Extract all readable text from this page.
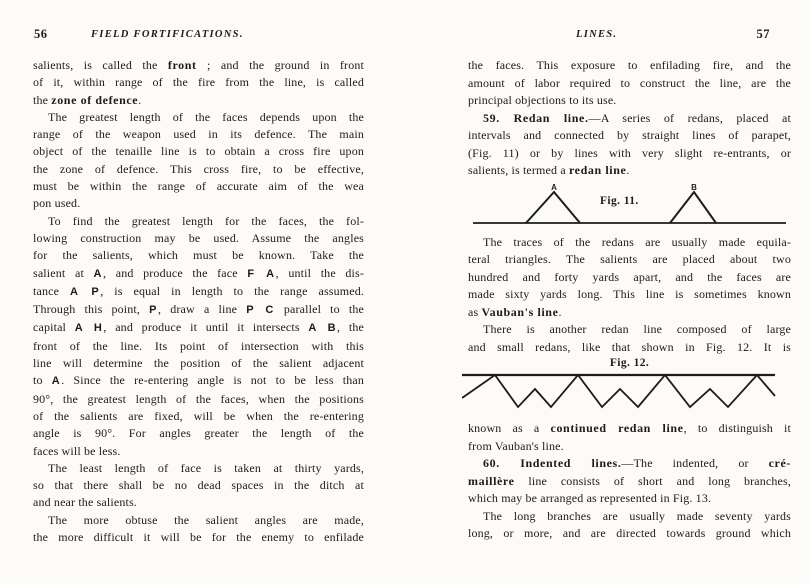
56	FIELD FORTIFICATIONS.
salients, is called the front ; and the ground in front
of it, within range of the fire from the line, is called
the zone of defence.
The greatest length of the faces depends upon the
range of the weapon used in its defence. The main
object of the tenaille line is to obtain a cross fire upon
the zone of defence. This cross fire, to be effective,
must be within the range of accurate aim of the wea
pon used.
To find the greatest length for the faces, the fol-
lowing construction may be used. Assume the angles
for the salients, which must be known. Take the
salient at A, and produce the face F A, until the dis-
tance A P, is equal in length to the range assumed.
Through this point, P, draw a line P C parallel to the
capital A H, and produce it until it intersects A B, the
front of the line. Its point of intersection with this
line will determine the position of the salient adjacent
to A. Since the re-entering angle is not to be less than
90°, the greatest length of the faces, when the positions
of the salients are fixed, will be when the re-entering
angle is 90°. For angles greater the length of the
faces will be less.
The least length of face is taken at thirty yards,
so that there shall be no dead spaces in the ditch at
and near the salients.
The more obtuse the salient angles are made,
the more difficult it will be for the enemy to enfilade
LINES.	57
the faces. This exposure to enfilading fire, and the
amount of labor required to construct the line, are the
principal objections to its use.
59. Redan line.—A series of redans, placed at
intervals and connected by straight lines of parapet,
(Fig. 11) or by lines with very slight re-entrants, or
salients, is termed a redan line.
A	B
Fig. 11.
The traces of the redans are usually made equila-
teral triangles. The salients are placed about two
hundred and forty yards apart, and the faces are
made sixty yards long. This line is sometimes known
as Vauban's line.
There is another redan line composed of large
and small redans, like that shown in Fig. 12. It is
Fig. 12.
known as a continued redan line, to distinguish it
from Vauban's line.
60. Indented lines.—The indented, or cré-
maillère line consists of short and long branches,
which may be arranged as represented in Fig. 13.
The long branches are usually made seventy yards
long, or more, and are directed towards ground which
